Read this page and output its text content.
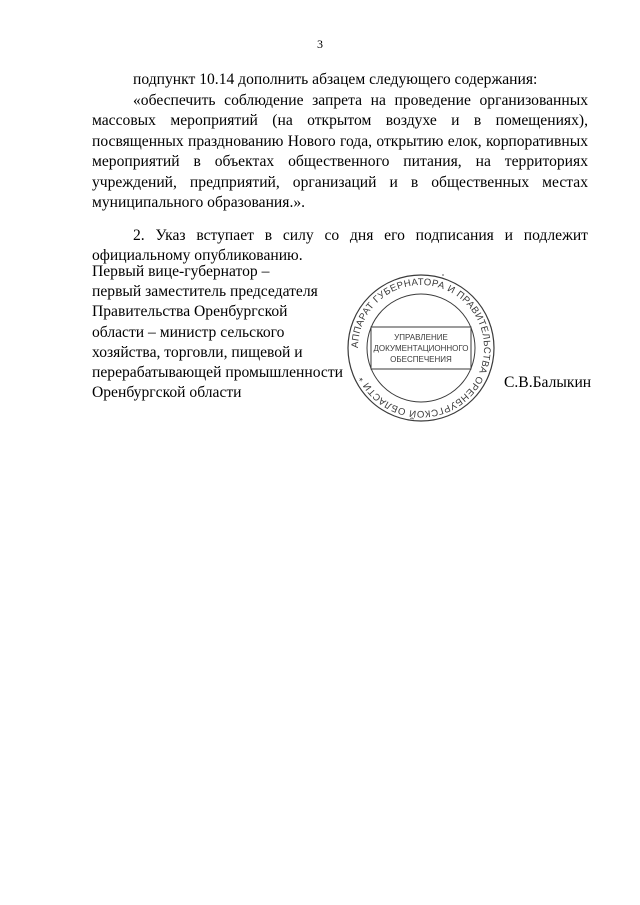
3

подпункт 10.14 дополнить абзацем следующего содержания:

«обеспечить соблюдение запрета на проведение организованных массовых мероприятий (на открытом воздухе и в помещениях), посвященных празднованию Нового года, открытию елок, корпоративных мероприятий в объектах общественного питания, на территориях учреждений, предприятий, организаций и в общественных местах муниципального образования.».

2. Указ вступает в силу со дня его подписания и подлежит официальному опубликованию.

Первый вице-губернатор –
первый заместитель председателя
Правительства Оренбургской
области – министр сельского
хозяйства, торговли, пищевой и
перерабатывающей промышленности
Оренбургской области
АППАРАТ ГУБЕРНАТОРА И ПРАВИТЕЛЬСТВА ОРЕНБУРГСКОЙ ОБЛАСТИ *
УПРАВЛЕНИЕ
ДОКУМЕНТАЦИОННОГО
ОБЕСПЕЧЕНИЯ
С.В.Балыкин
